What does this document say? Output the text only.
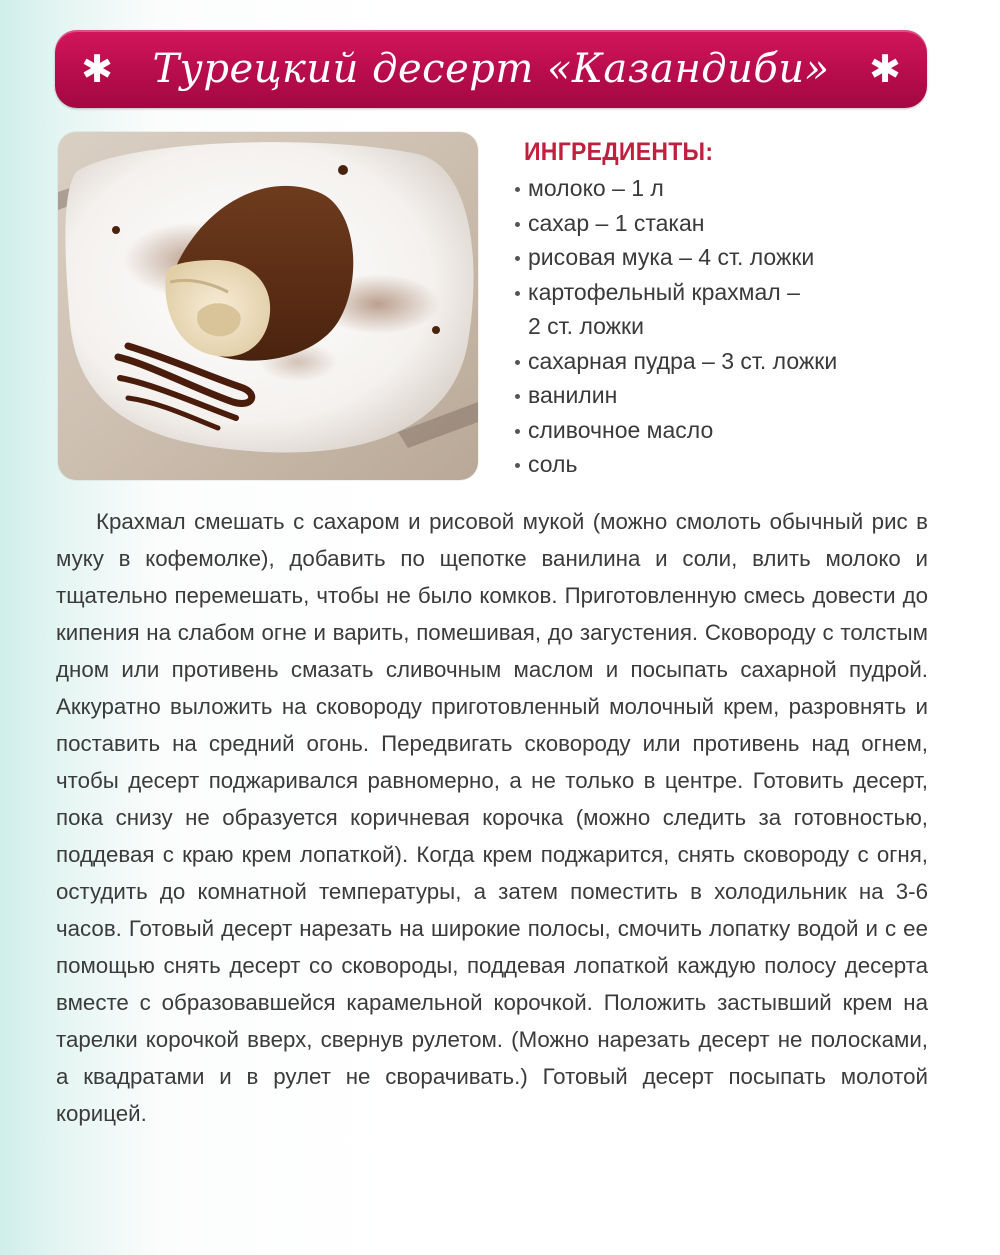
✱ Турецкий десерт «Казандиби»	✱
ИНГРЕДИЕНТЫ:
молоко – 1 л
сахар – 1 стакан
рисовая мука – 4 ст. ложки
картофельный крахмал –
2 ст. ложки
сахарная пудра – 3 ст. ложки
ванилин
сливочное масло
соль

Крахмал смешать с сахаром и рисовой мукой (можно смолоть обычный рис в муку в кофемолке), добавить по щепотке ванилина и соли, влить молоко и тщательно перемешать, чтобы не было комков. Приготовленную смесь довести до кипения на слабом огне и варить, помешивая, до загустения. Сковороду с толстым дном или противень смазать сливочным маслом и посыпать сахарной пудрой. Аккуратно выложить на сковороду приготовленный молочный крем, разровнять и поставить на средний огонь. Передвигать сковороду или противень над огнем, чтобы десерт поджаривался равномерно, а не только в центре. Готовить десерт, пока снизу не образуется коричневая корочка (можно следить за готовностью, поддевая с краю крем лопаткой). Когда крем поджарится, снять сковороду с огня, остудить до комнатной температуры, а затем поместить в холодильник на 3-6 часов. Готовый десерт нарезать на широкие полосы, смочить лопатку водой и с ее помощью снять десерт со сковороды, поддевая лопаткой каждую полосу десерта вместе с образовавшейся карамельной корочкой. Положить застывший крем на тарелки корочкой вверх, свернув рулетом. (Можно нарезать десерт не полосками, а квадратами и в рулет не сворачивать.) Готовый десерт посыпать молотой корицей.
